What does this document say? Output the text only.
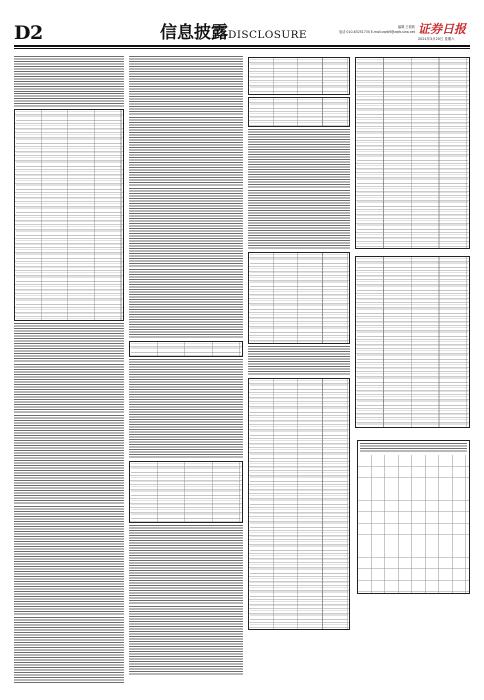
D2	信息披露DISCLOSURE
编辑 王莉莉
电话 010-83251730 E-mail:zqrb9@zqrb.sina.net 证券日报
2021年3月20日 星期六
